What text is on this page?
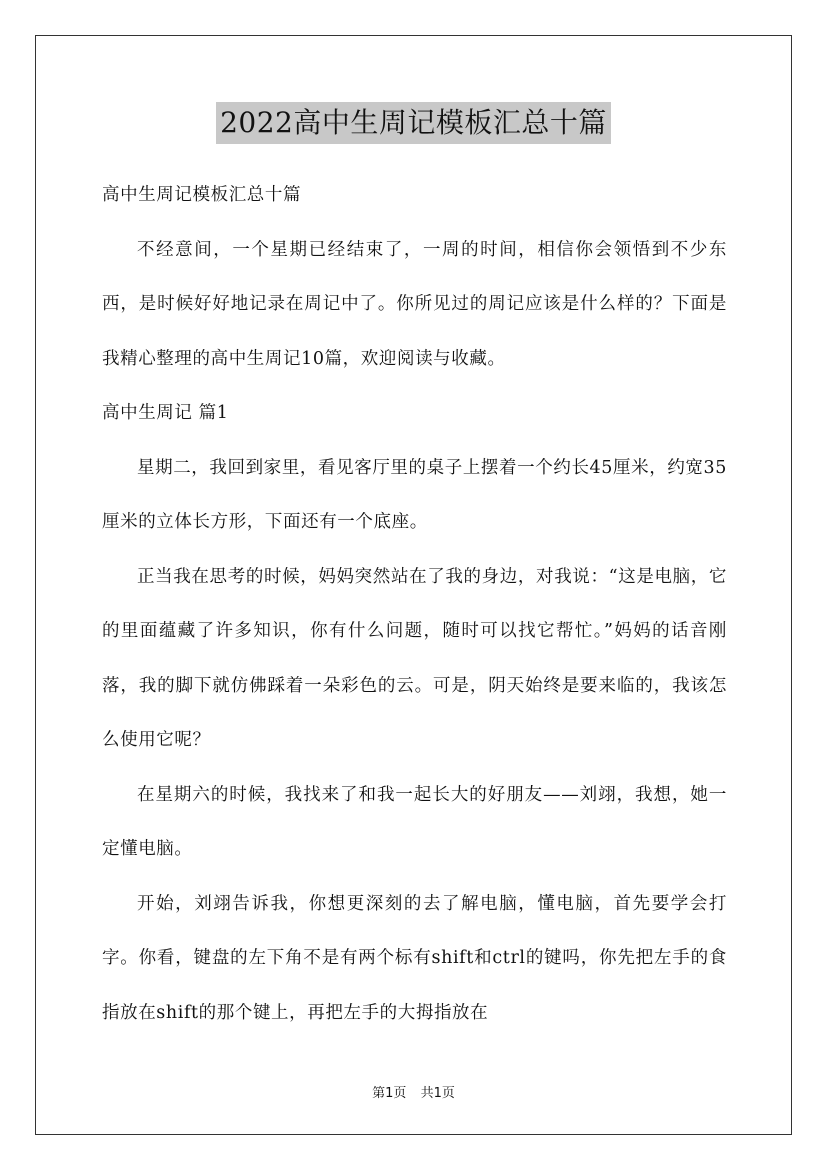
2022高中生周记模板汇总十篇

高中生周记模板汇总十篇

不经意间，一个星期已经结束了，一周的时间，相信你会领悟到不少东西，是时候好好地记录在周记中了。你所见过的周记应该是什么样的？下面是我精心整理的高中生周记10篇，欢迎阅读与收藏。

高中生周记 篇1

星期二，我回到家里，看见客厅里的桌子上摆着一个约长45厘米，约宽35厘米的立体长方形，下面还有一个底座。

正当我在思考的时候，妈妈突然站在了我的身边，对我说：“这是电脑，它的里面蕴藏了许多知识，你有什么问题，随时可以找它帮忙。”妈妈的话音刚落，我的脚下就仿佛踩着一朵彩色的云。可是，阴天始终是要来临的，我该怎么使用它呢？

在星期六的时候，我找来了和我一起长大的好朋友——刘翊，我想，她一定懂电脑。

开始，刘翊告诉我，你想更深刻的去了解电脑，懂电脑，首先要学会打字。你看，键盘的左下角不是有两个标有shift和ctrl的键吗，你先把左手的食指放在shift的那个键上，再把左手的大拇指放在

第1页 共1页
